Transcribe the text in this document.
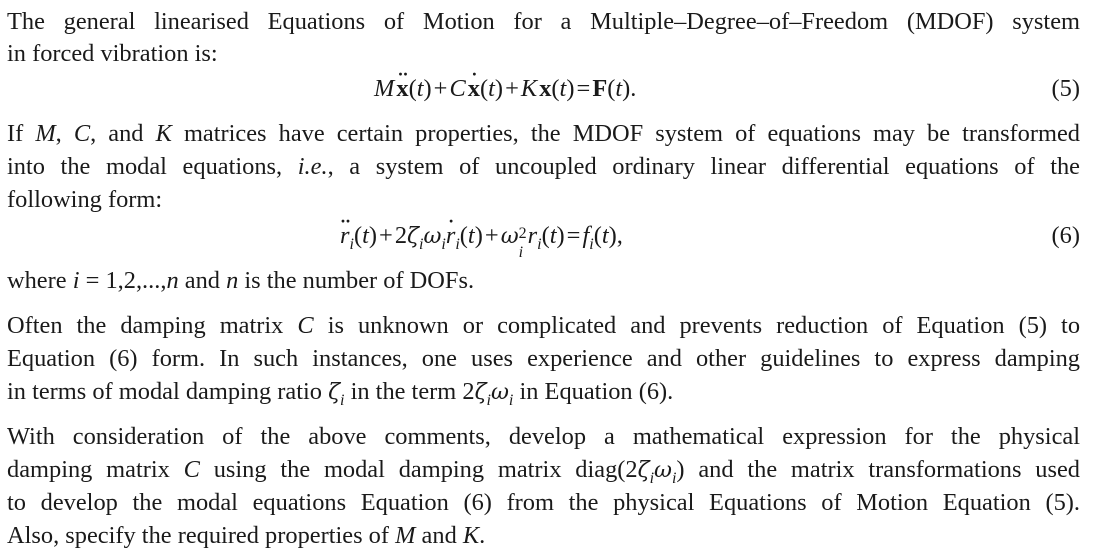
The general linearised Equations of Motion for a Multiple–Degree–of–Freedom (MDOF) system
in forced vibration is:
M ·· x(t) + C · x(t) + K x(t) = F(t).	(5)
If M, C, and K matrices have certain properties, the MDOF system of equations may be transformed
into the modal equations, i.e., a system of uncoupled ordinary linear differential equations of the
following form:
·· $r_i(t)$ + $2\zeta_i\omega_i\cdot r_i(t)$ + ω 2
i
$r_i(t)$ = $f_i(t)$,	(6)
where i = 1,2,...,n and n is the number of DOFs.
Often the damping matrix C is unknown or complicated and prevents reduction of Equation (5) to
Equation (6) form. In such instances, one uses experience and other guidelines to express damping
in terms of modal damping ratio $\zeta_i$ in the term $2\zeta_i\omega_i$ in Equation (6).
With consideration of the above comments, develop a mathematical expression for the physical
damping matrix C using the modal damping matrix $diag(2\zeta_i\omega_i)$ and the matrix transformations used
to develop the modal equations Equation (6) from the physical Equations of Motion Equation (5).
Also, specify the required properties of M and K.
